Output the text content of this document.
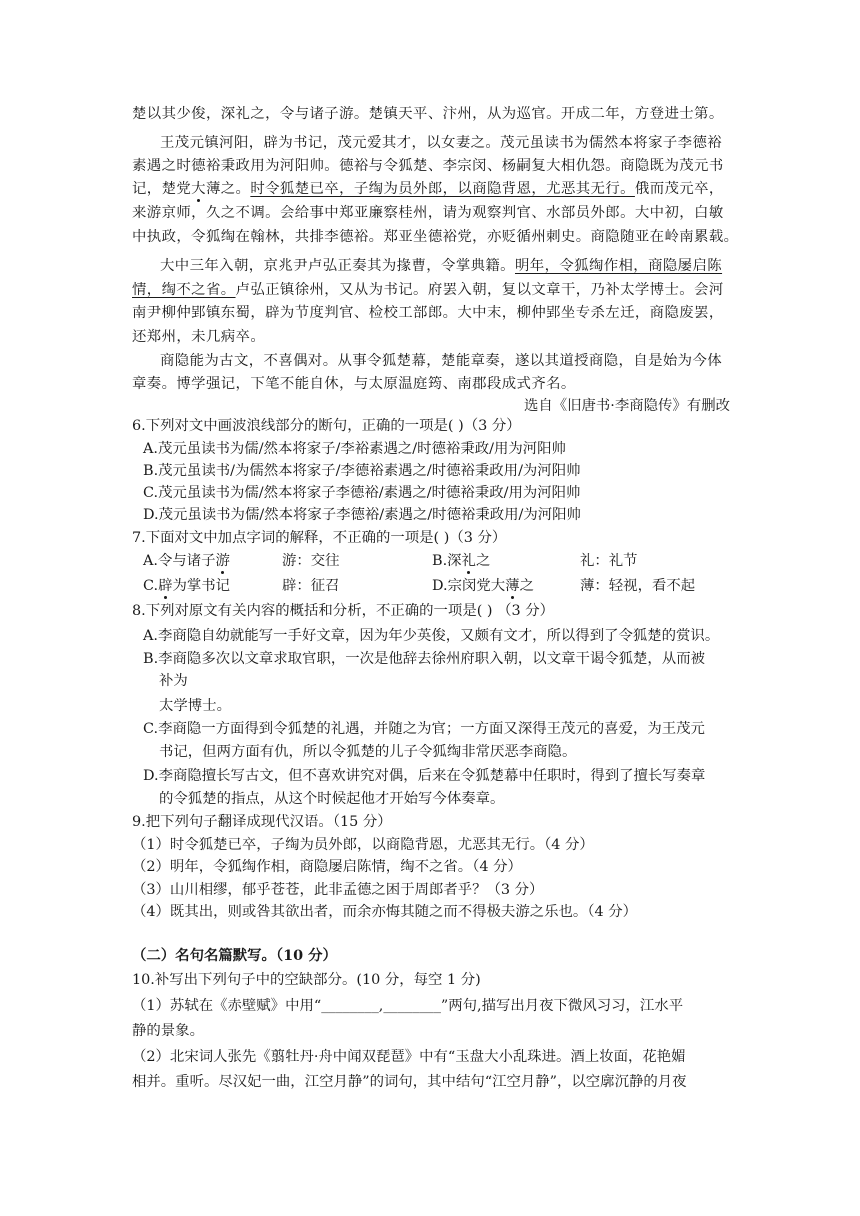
楚以其少俊，深礼之，令与诸子游。楚镇天平、汴州，从为巡官。开成二年，方登进士第。
王茂元镇河阳，辟为书记，茂元爱其才，以女妻之。茂元虽读书为儒然本将家子李德裕
素遇之时德裕秉政用为河阳帅。德裕与令狐楚、李宗闵、杨嗣复大相仇怨。商隐既为茂元书
记，楚党大薄之。时令狐楚已卒，子绹为员外郎，以商隐背恩，尤恶其无行。俄而茂元卒，
来游京师，久之不调。会给事中郑亚廉察桂州，请为观察判官、水部员外郎。大中初，白敏
中执政，令狐绹在翰林，共排李德裕。郑亚坐德裕党，亦贬循州刺史。商隐随亚在岭南累载。
大中三年入朝，京兆尹卢弘正奏其为掾曹，令掌典籍。明年，令狐绹作相，商隐屡启陈
情，绹不之省。卢弘正镇徐州，又从为书记。府罢入朝，复以文章干，乃补太学博士。会河
南尹柳仲郢镇东蜀，辟为节度判官、检校工部郎。大中末，柳仲郢坐专杀左迁，商隐废罢，
还郑州，未几病卒。
商隐能为古文，不喜偶对。从事令狐楚幕，楚能章奏，遂以其道授商隐，自是始为今体
章奏。博学强记，下笔不能自休，与太原温庭筠、南郡段成式齐名。
选自《旧唐书·李商隐传》有删改
6.下列对文中画波浪线部分的断句，正确的一项是( )（3 分）
A.茂元虽读书为儒/然本将家子/李裕素遇之/时德裕秉政/用为河阳帅
B.茂元虽读书/为儒然本将家子/李德裕素遇之/时德裕秉政用/为河阳帅
C.茂元虽读书为儒/然本将家子李德裕/素遇之/时德裕秉政/用为河阳帅
D.茂元虽读书为儒/然本将家子李德裕/素遇之/时德裕秉政用/为河阳帅
7.下面对文中加点字词的解释，不正确的一项是( )（3 分）
A.令与诸子游	游：交往	B.深礼之	礼：礼节
C.辟为掌书记	辟：征召	D.宗闵党大薄之	薄：轻视，看不起
8.下列对原文有关内容的概括和分析，不正确的一项是( ) （3 分）
A.李商隐自幼就能写一手好文章，因为年少英俊，又颇有文才，所以得到了令狐楚的赏识。
B.李商隐多次以文章求取官职，一次是他辞去徐州府职入朝，以文章干谒令狐楚，从而被
补为
太学博士。
C.李商隐一方面得到令狐楚的礼遇，并随之为官；一方面又深得王茂元的喜爱，为王茂元
书记，但两方面有仇，所以令狐楚的儿子令狐绹非常厌恶李商隐。
D.李商隐擅长写古文，但不喜欢讲究对偶，后来在令狐楚幕中任职时，得到了擅长写奏章
的令狐楚的指点，从这个时候起他才开始写今体奏章。
9.把下列句子翻译成现代汉语。（15 分）
（1）时令狐楚已卒，子绹为员外郎，以商隐背恩，尤恶其无行。（4 分）
（2）明年，令狐绹作相，商隐屡启陈情，绹不之省。（4 分）
（3）山川相缪，郁乎苍苍，此非孟德之困于周郎者乎？（3 分）
（4）既其出，则或咎其欲出者，而余亦悔其随之而不得极夫游之乐也。（4 分）
（二）名句名篇默写。（10 分）
10.补写出下列句子中的空缺部分。(10 分，每空 1 分)
（1）苏轼在《赤壁赋》中用“________,________”两句,描写出月夜下微风习习，江水平
静的景象。
（2）北宋词人张先《翦牡丹·舟中闻双琵琶》中有“玉盘大小乱珠进。酒上妆面，花艳媚
相并。重听。尽汉妃一曲，江空月静”的词句，其中结句“江空月静”，以空廓沉静的月夜
